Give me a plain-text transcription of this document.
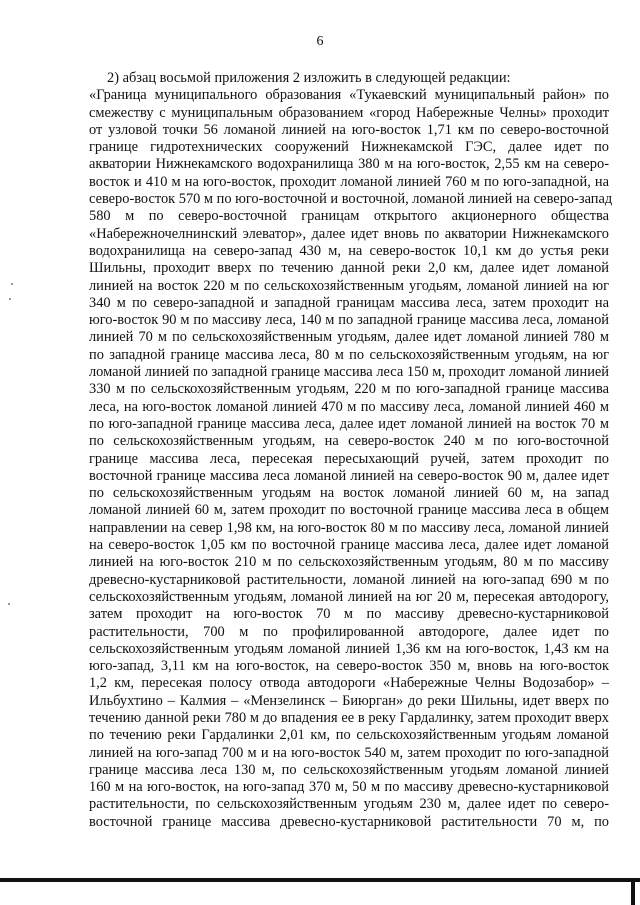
6
2) абзац восьмой приложения 2 изложить в следующей редакции:
«Граница муниципального образования «Тукаевский муниципальный район» по
смежеству с муниципальным образованием «город Набережные Челны» проходит
от узловой точки 56 ломаной линией на юго-восток 1,71 км по северо-восточной
границе гидротехнических сооружений Нижнекамской ГЭС, далее идет по
акватории Нижнекамского водохранилища 380 м на юго-восток, 2,55 км на северо-
восток и 410 м на юго-восток, проходит ломаной линией 760 м по юго-западной, на
северо-восток 570 м по юго-восточной и восточной, ломаной линией на северо-запад
580 м по северо-восточной границам открытого акционерного общества
«Набережночелнинский элеватор», далее идет вновь по акватории Нижнекамского
водохранилища на северо-запад 430 м, на северо-восток 10,1 км до устья реки
Шильны, проходит вверх по течению данной реки 2,0 км, далее идет ломаной
линией на восток 220 м по сельскохозяйственным угодьям, ломаной линией на юг
340 м по северо-западной и западной границам массива леса, затем проходит на
юго-восток 90 м по массиву леса, 140 м по западной границе массива леса, ломаной
линией 70 м по сельскохозяйственным угодьям, далее идет ломаной линией 780 м
по западной границе массива леса, 80 м по сельскохозяйственным угодьям, на юг
ломаной линией по западной границе массива леса 150 м, проходит ломаной линией
330 м по сельскохозяйственным угодьям, 220 м по юго-западной границе массива
леса, на юго-восток ломаной линией 470 м по массиву леса, ломаной линией 460 м
по юго-западной границе массива леса, далее идет ломаной линией на восток 70 м
по сельскохозяйственным угодьям, на северо-восток 240 м по юго-восточной
границе массива леса, пересекая пересыхающий ручей, затем проходит по
восточной границе массива леса ломаной линией на северо-восток 90 м, далее идет
по сельскохозяйственным угодьям на восток ломаной линией 60 м, на запад
ломаной линией 60 м, затем проходит по восточной границе массива леса в общем
направлении на север 1,98 км, на юго-восток 80 м по массиву леса, ломаной линией
на северо-восток 1,05 км по восточной границе массива леса, далее идет ломаной
линией на юго-восток 210 м по сельскохозяйственным угодьям, 80 м по массиву
древесно-кустарниковой растительности, ломаной линией на юго-запад 690 м по
сельскохозяйственным угодьям, ломаной линией на юг 20 м, пересекая автодорогу,
затем проходит на юго-восток 70 м по массиву древесно-кустарниковой
растительности, 700 м по профилированной автодороге, далее идет по
сельскохозяйственным угодьям ломаной линией 1,36 км на юго-восток, 1,43 км на
юго-запад, 3,11 км на юго-восток, на северо-восток 350 м, вновь на юго-восток
1,2 км, пересекая полосу отвода автодороги «Набережные Челны Водозабор» –
Ильбухтино – Калмия – «Мензелинск – Биюрган» до реки Шильны, идет вверх по
течению данной реки 780 м до впадения ее в реку Гардалинку, затем проходит вверх
по течению реки Гардалинки 2,01 км, по сельскохозяйственным угодьям ломаной
линией на юго-запад 700 м и на юго-восток 540 м, затем проходит по юго-западной
границе массива леса 130 м, по сельскохозяйственным угодьям ломаной линией
160 м на юго-восток, на юго-запад 370 м, 50 м по массиву древесно-кустарниковой
растительности, по сельскохозяйственным угодьям 230 м, далее идет по северо-
восточной границе массива древесно-кустарниковой растительности 70 м, по
